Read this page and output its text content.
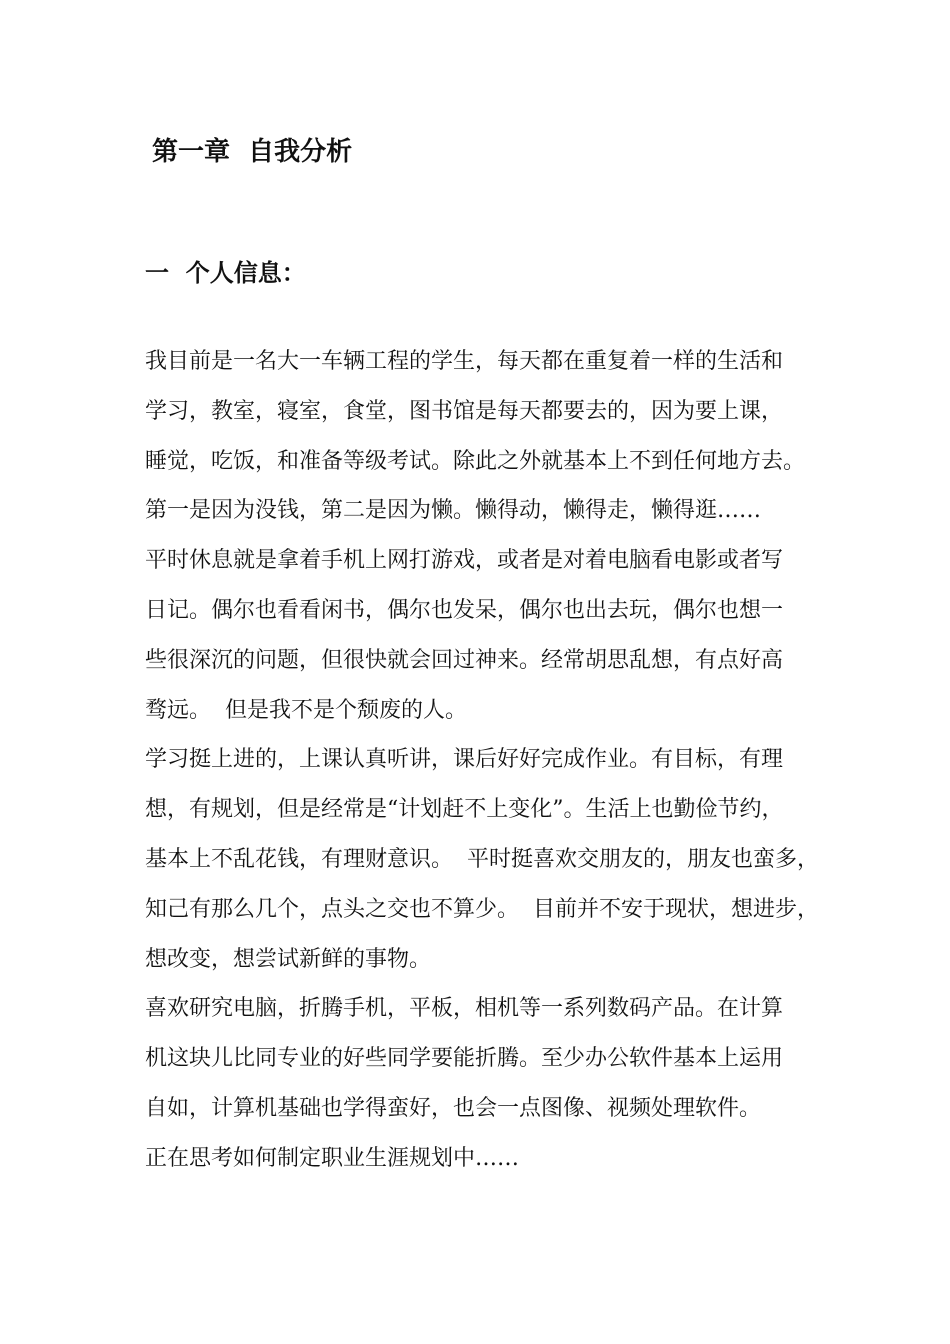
第一章  自我分析
一  个人信息：
我目前是一名大一车辆工程的学生，每天都在重复着一样的生活和
学习，教室，寝室，食堂，图书馆是每天都要去的，因为要上课，
睡觉，吃饭，和准备等级考试。除此之外就基本上不到任何地方去。
第一是因为没钱，第二是因为懒。懒得动，懒得走，懒得逛……
平时休息就是拿着手机上网打游戏，或者是对着电脑看电影或者写
日记。偶尔也看看闲书，偶尔也发呆，偶尔也出去玩，偶尔也想一
些很深沉的问题，但很快就会回过神来。经常胡思乱想，有点好高
骛远。  但是我不是个颓废的人。
学习挺上进的，上课认真听讲，课后好好完成作业。有目标，有理
想，有规划，但是经常是“计划赶不上变化”。生活上也勤俭节约，
基本上不乱花钱，有理财意识。  平时挺喜欢交朋友的，朋友也蛮多，
知己有那么几个，点头之交也不算少。  目前并不安于现状，想进步，
想改变，想尝试新鲜的事物。
喜欢研究电脑，折腾手机，平板，相机等一系列数码产品。在计算
机这块儿比同专业的好些同学要能折腾。至少办公软件基本上运用
自如，计算机基础也学得蛮好，也会一点图像、视频处理软件。
正在思考如何制定职业生涯规划中……
